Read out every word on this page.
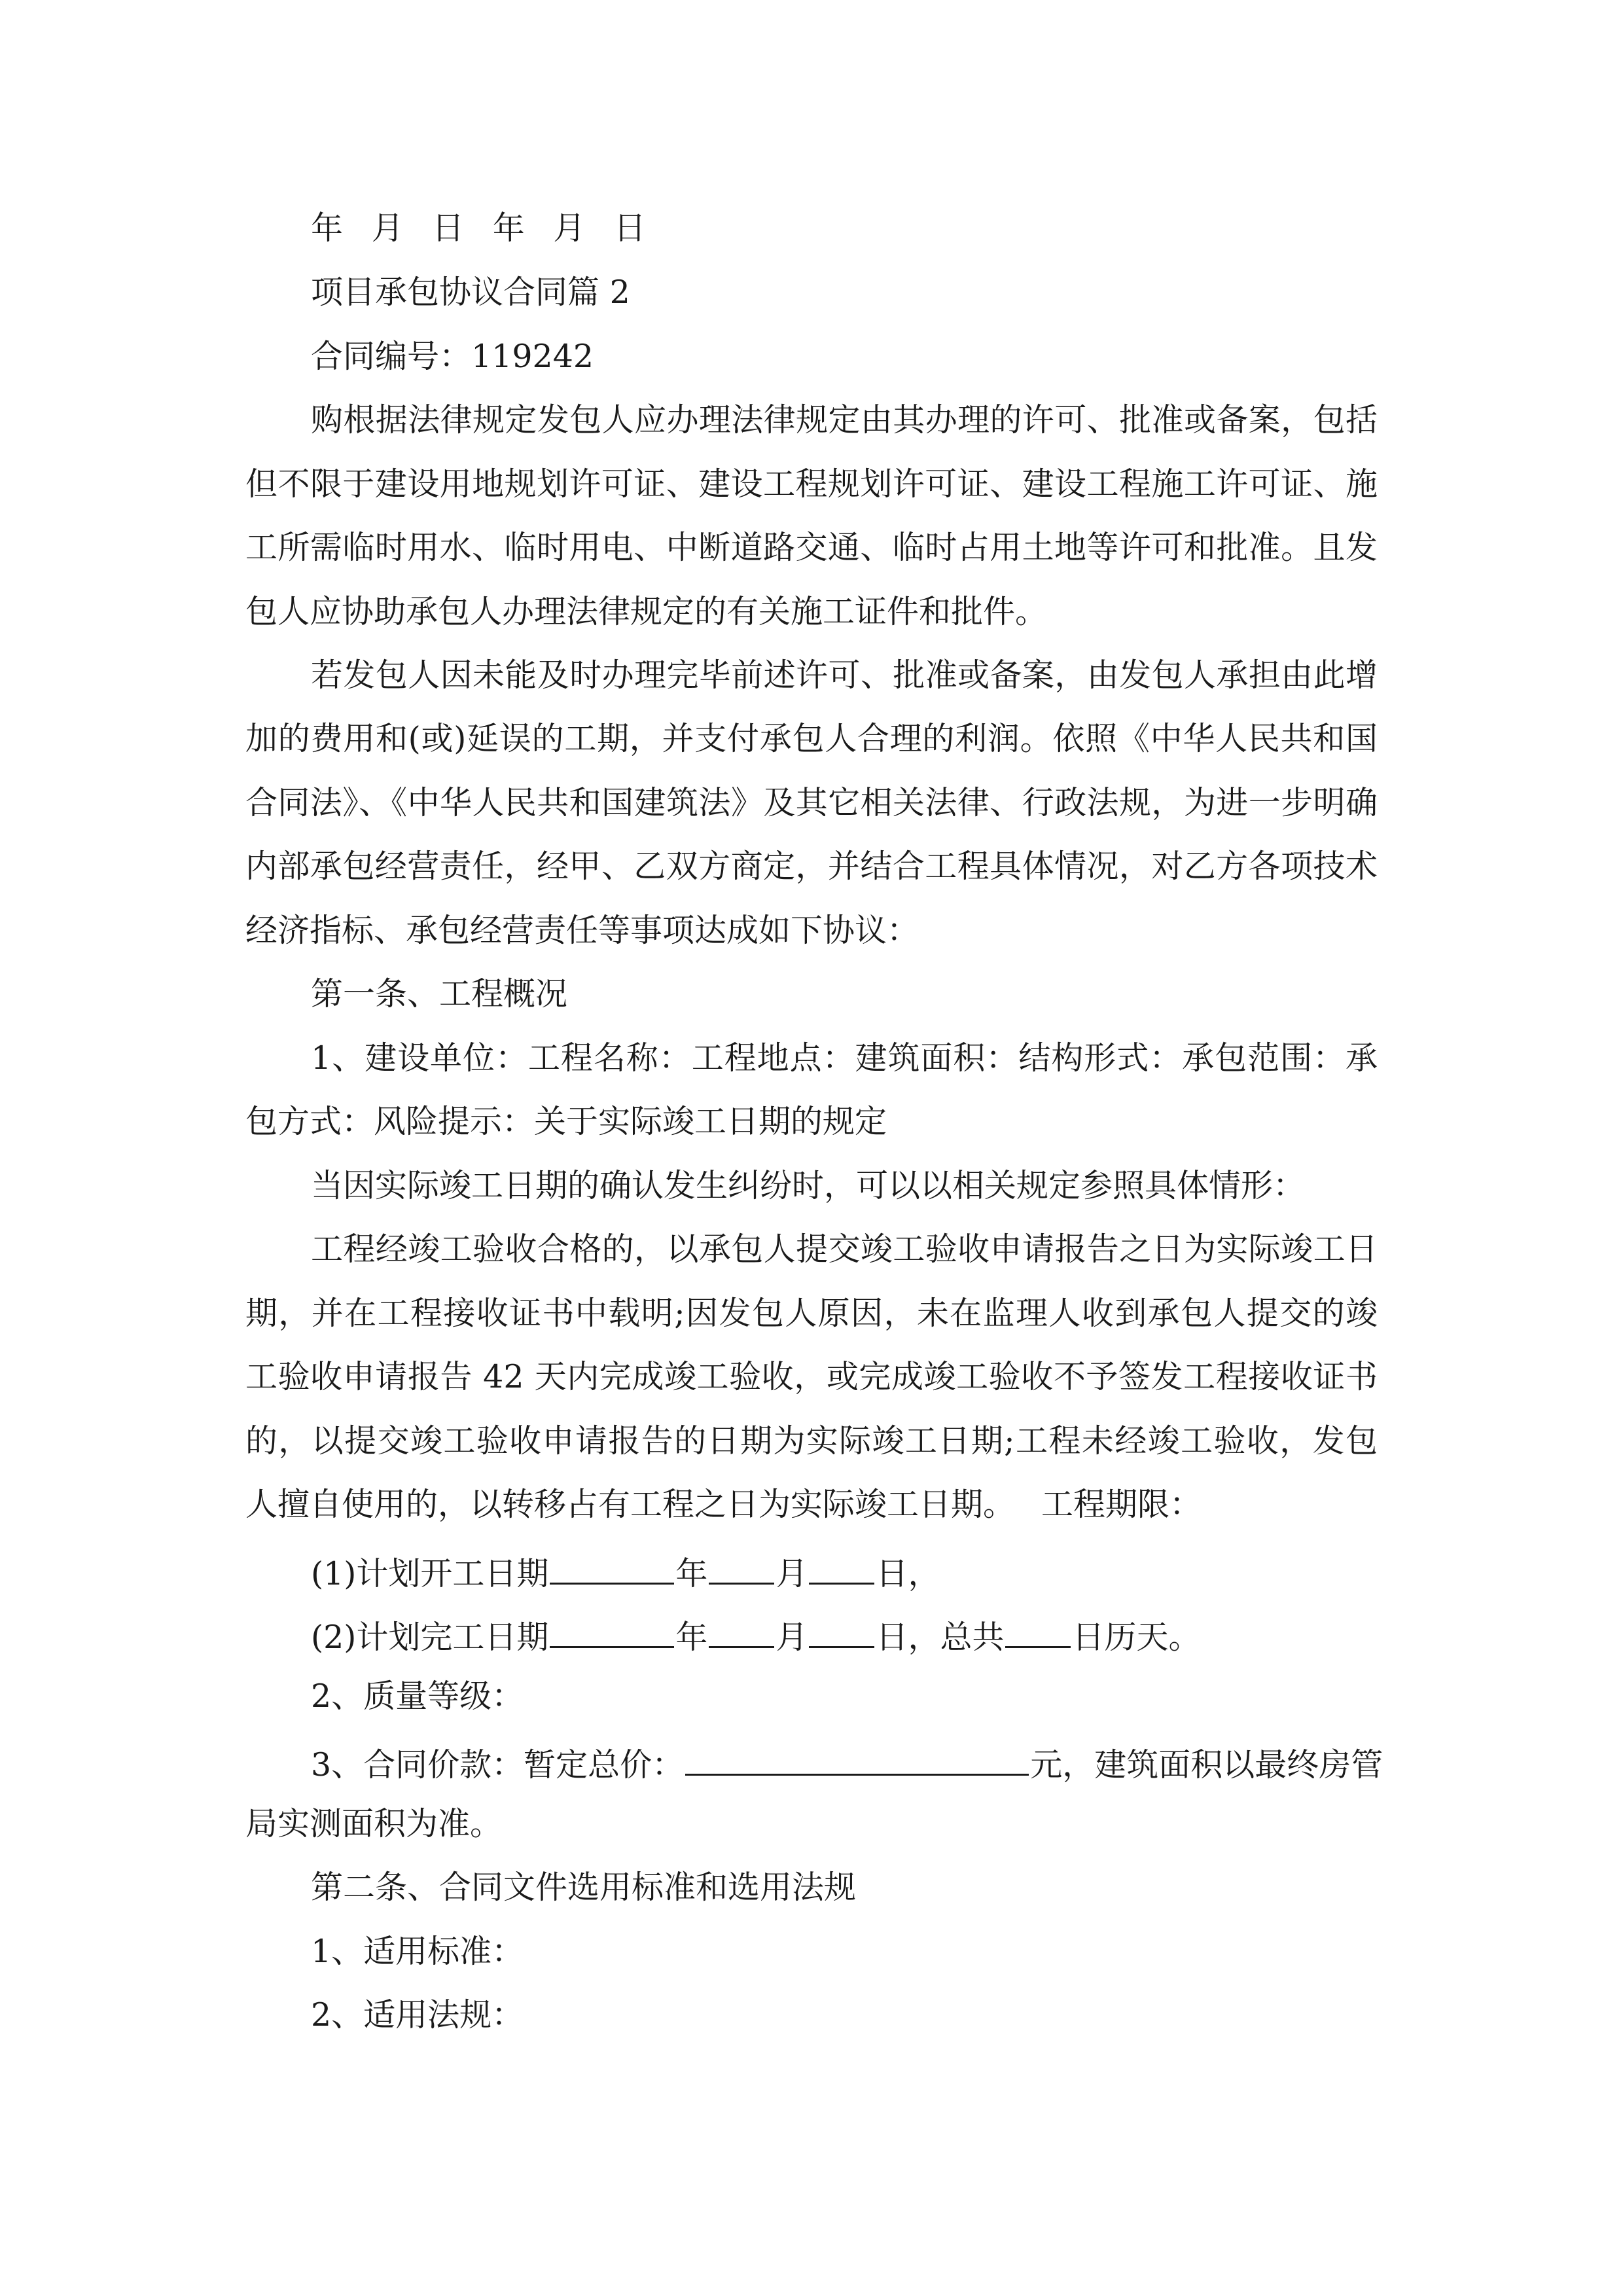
年 月 日 年 月 日
项目承包协议合同篇 2
合同编号：119242
购根据法律规定发包人应办理法律规定由其办理的许可、批准或备案，包括
但不限于建设用地规划许可证、建设工程规划许可证、建设工程施工许可证、施
工所需临时用水、临时用电、中断道路交通、临时占用土地等许可和批准。且发
包人应协助承包人办理法律规定的有关施工证件和批件。
若发包人因未能及时办理完毕前述许可、批准或备案，由发包人承担由此增
加的费用和(或)延误的工期，并支付承包人合理的利润。依照《中华人民共和国
合同法》、《中华人民共和国建筑法》及其它相关法律、行政法规，为进一步明确
内部承包经营责任，经甲、乙双方商定，并结合工程具体情况，对乙方各项技术
经济指标、承包经营责任等事项达成如下协议：
第一条、工程概况
1、建设单位：工程名称：工程地点：建筑面积：结构形式：承包范围：承
包方式：风险提示：关于实际竣工日期的规定
当因实际竣工日期的确认发生纠纷时，可以以相关规定参照具体情形：
工程经竣工验收合格的，以承包人提交竣工验收申请报告之日为实际竣工日
期，并在工程接收证书中载明;因发包人原因，未在监理人收到承包人提交的竣
工验收申请报告 42 天内完成竣工验收，或完成竣工验收不予签发工程接收证书
的，以提交竣工验收申请报告的日期为实际竣工日期;工程未经竣工验收，发包
人擅自使用的，以转移占有工程之日为实际竣工日期。 工程期限：
(1)计划开工日期	年 月 日，
(2)计划完工日期	年 月 日，总共 日历天。
2、质量等级：
3、合同价款：暂定总价：	元，建筑面积以最终房管
局实测面积为准。
第二条、合同文件选用标准和选用法规
1、适用标准：
2、适用法规：
